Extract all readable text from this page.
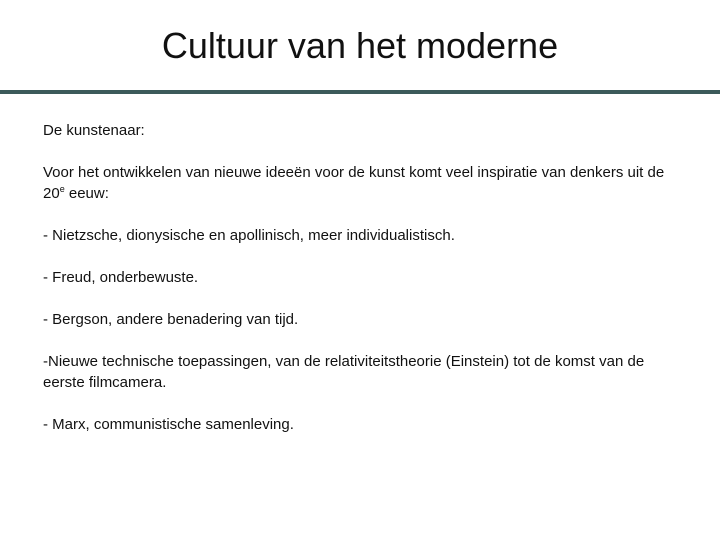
Cultuur van het moderne

De kunstenaar:

Voor het ontwikkelen van nieuwe ideeën voor de kunst komt veel inspiratie van denkers uit de 20e eeuw:

- Nietzsche, dionysische en apollinisch, meer individualistisch.

- Freud, onderbewuste.

- Bergson, andere benadering van tijd.

-Nieuwe technische toepassingen, van de relativiteitstheorie (Einstein) tot de komst van de eerste filmcamera.

- Marx, communistische samenleving.
